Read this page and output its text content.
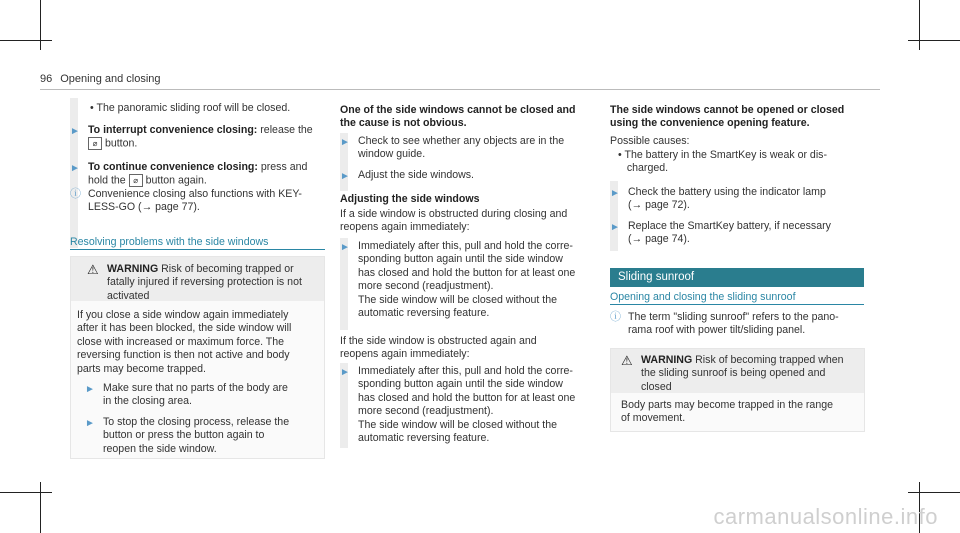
96 Opening and closing
• The panoramic sliding roof will be closed.
► To interrupt convenience closing: release the
⌀ button.
► To continue convenience closing: press and
hold the ⌀ button again.
ⓘ Convenience closing also functions with KEY-
LESS-GO (→ page 77).
Resolving problems with the side windows
⚠ WARNING Risk of becoming trapped or
fatally injured if reversing protection is not
activated
If you close a side window again immediately
after it has been blocked, the side window will
close with increased or maximum force. The
reversing function is then not active and body
parts may become trapped.
► Make sure that no parts of the body are
in the closing area.
► To stop the closing process, release the
button or press the button again to
reopen the side window.
One of the side windows cannot be closed and
the cause is not obvious.
► Check to see whether any objects are in the
window guide.
► Adjust the side windows.
Adjusting the side windows
If a side window is obstructed during closing and
reopens again immediately:
► Immediately after this, pull and hold the corre-
sponding button again until the side window
has closed and hold the button for at least one
more second (readjustment).
The side window will be closed without the
automatic reversing feature.
If the side window is obstructed again and
reopens again immediately:
► Immediately after this, pull and hold the corre-
sponding button again until the side window
has closed and hold the button for at least one
more second (readjustment).
The side window will be closed without the
automatic reversing feature.
The side windows cannot be opened or closed
using the convenience opening feature.
Possible causes:
• The battery in the SmartKey is weak or dis-
charged.
► Check the battery using the indicator lamp
(→ page 72).
► Replace the SmartKey battery, if necessary
(→ page 74).
Sliding sunroof
Opening and closing the sliding sunroof
ⓘ The term "sliding sunroof" refers to the pano-
rama roof with power tilt/sliding panel.
⚠ WARNING Risk of becoming trapped when
the sliding sunroof is being opened and
closed
Body parts may become trapped in the range
of movement.
carmanualsonline.info
